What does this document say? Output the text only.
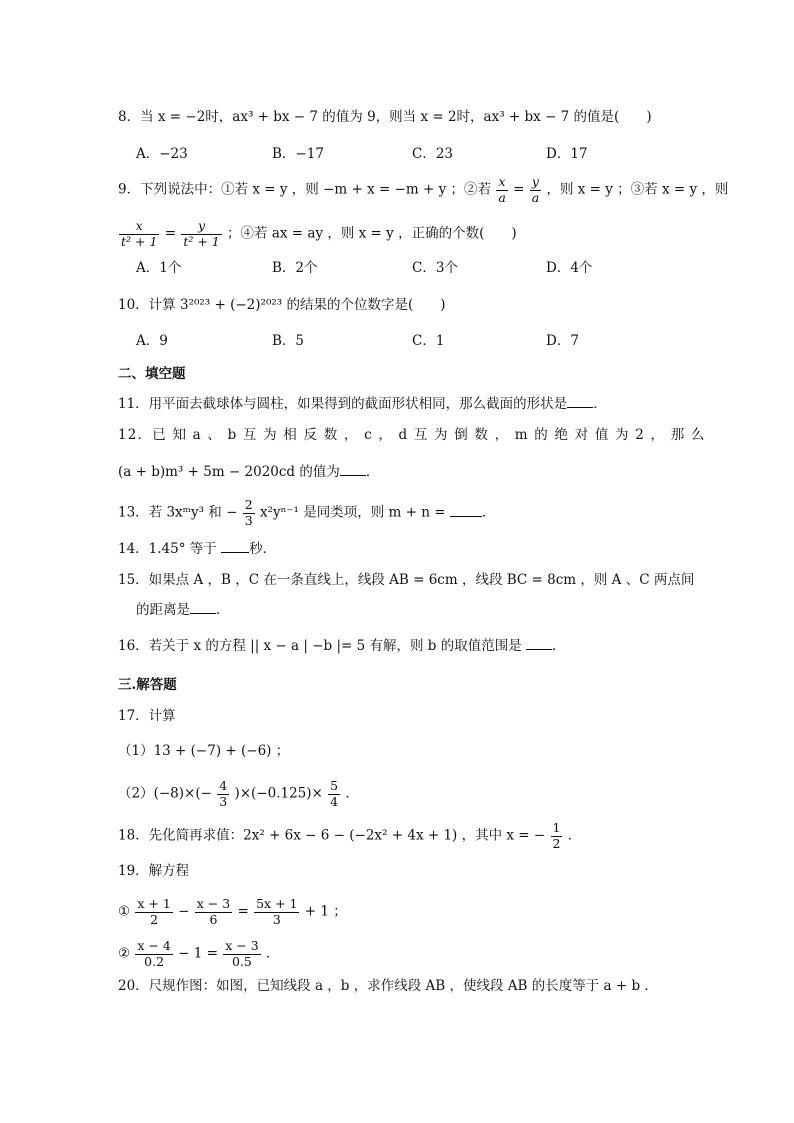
8．当 x = −2时，ax³ + bx − 7 的值为 9，则当 x = 2时，ax³ + bx − 7 的值是(　　)
A．−23	B．−17	C．23	D．17
9．下列说法中：①若 x = y ，则 −m + x = −m + y ；②若 $\frac{x}{a} = \frac{y}{a}$ ，则 x = y ；③若 x = y ，则
$\frac{x}{\text{t² + 1}} = \frac{y}{\text{t² + 1}}$ ；④若 ax = ay ，则 x = y ，正确的个数(　　)
A．1个	B．2个	C．3个	D．4个
10．计算 3²⁰²³ + (−2)²⁰²³ 的结果的个位数字是(　　)
A．9	B．5	C．1	D．7
二、填空题
11．用平面去截球体与圆柱，如果得到的截面形状相同，那么截面的形状是 ．
12．已 知 a 、 b 互 为 相 反 数 ， c ， d 互 为 倒 数 ， m 的 绝 对 值 为 2 ， 那 么
(a + b)m³ + 5m − 2020cd 的值为 ．
13．若 3xᵐy³ 和 − $\frac{2}{3} x^2y^{n-1}$ 是同类项，则 m + n =	．
14．1.45° 等于 秒．
15．如果点 A ，B ，C 在一条直线上，线段 AB = 6cm ，线段 BC = 8cm ，则 A 、C 两点间
的距离是 ．
16．若关于 x 的方程 || x − a | −b |= 5 有解，则 b 的取值范围是 ．
三.解答题
17．计算
（1）13 + (−7) + (−6) ；
$(2)(-8)\times(- \frac{4}{3} )\times(-0.125)\times \frac{5}{4}$ ．
18．先化简再求值：2x² + 6x − 6 − (−2x² + 4x + 1) ，其中 x = − $\frac{1}{2}$ ．
19．解方程
① $\frac{x + 1}{2} - \frac{x - 3}{6} = \frac{5x + 1}{3} + 1$ ；
② $\frac{x - 4}{0.2} - 1 = \frac{x - 3}{0.5}$ ．
20．尺规作图：如图，已知线段 a ，b ，求作线段 AB ，使线段 AB 的长度等于 a + b ．
